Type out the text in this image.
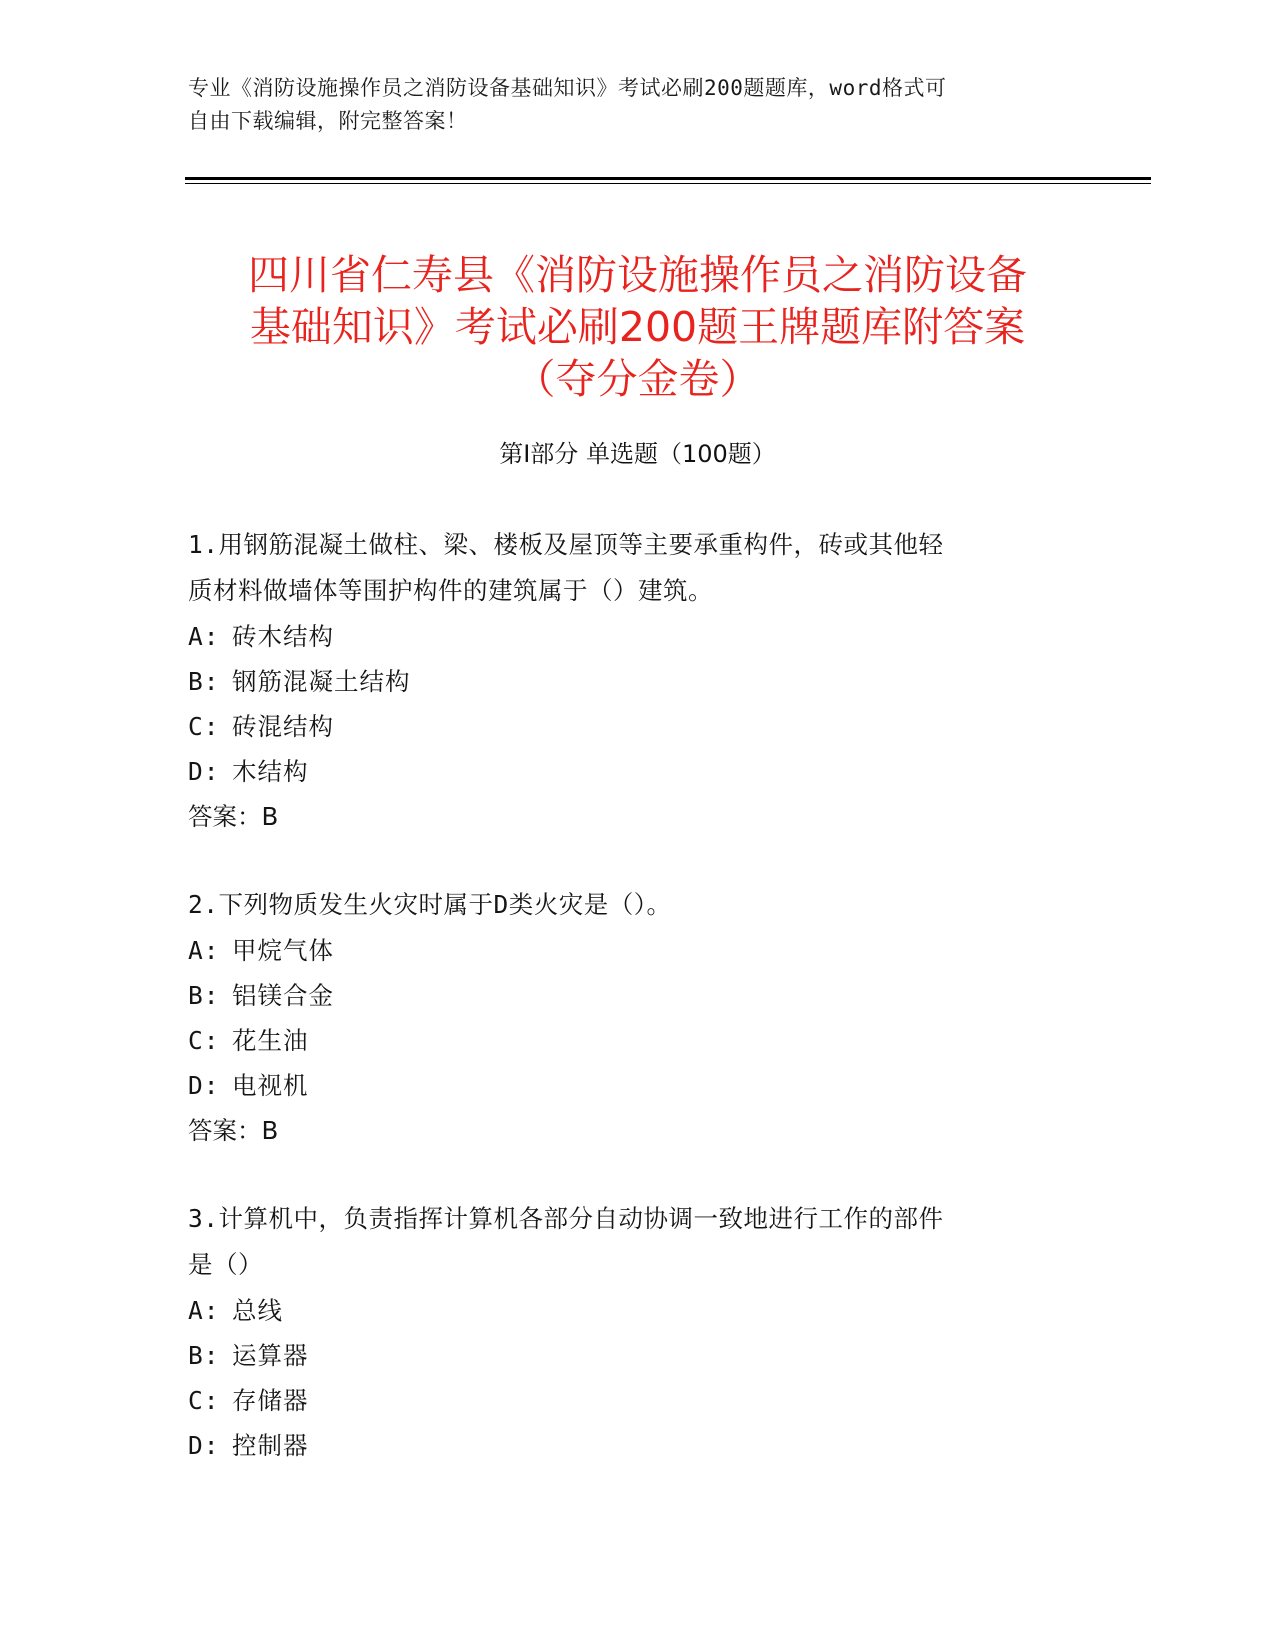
专业《消防设施操作员之消防设备基础知识》考试必刷200题题库，word格式可
自由下载编辑，附完整答案！
四川省仁寿县《消防设施操作员之消防设备
基础知识》考试必刷200题王牌题库附答案
（夺分金卷）
第Ⅰ部分 单选题（100题）
1.用钢筋混凝土做柱、梁、楼板及屋顶等主要承重构件，砖或其他轻
质材料做墙体等围护构件的建筑属于（）建筑。
A: 砖木结构
B: 钢筋混凝土结构
C: 砖混结构
D: 木结构
答案：B
2.下列物质发生火灾时属于D类火灾是（）。
A: 甲烷气体
B: 铝镁合金
C: 花生油
D: 电视机
答案：B
3.计算机中，负责指挥计算机各部分自动协调一致地进行工作的部件
是（）
A: 总线
B: 运算器
C: 存储器
D: 控制器
